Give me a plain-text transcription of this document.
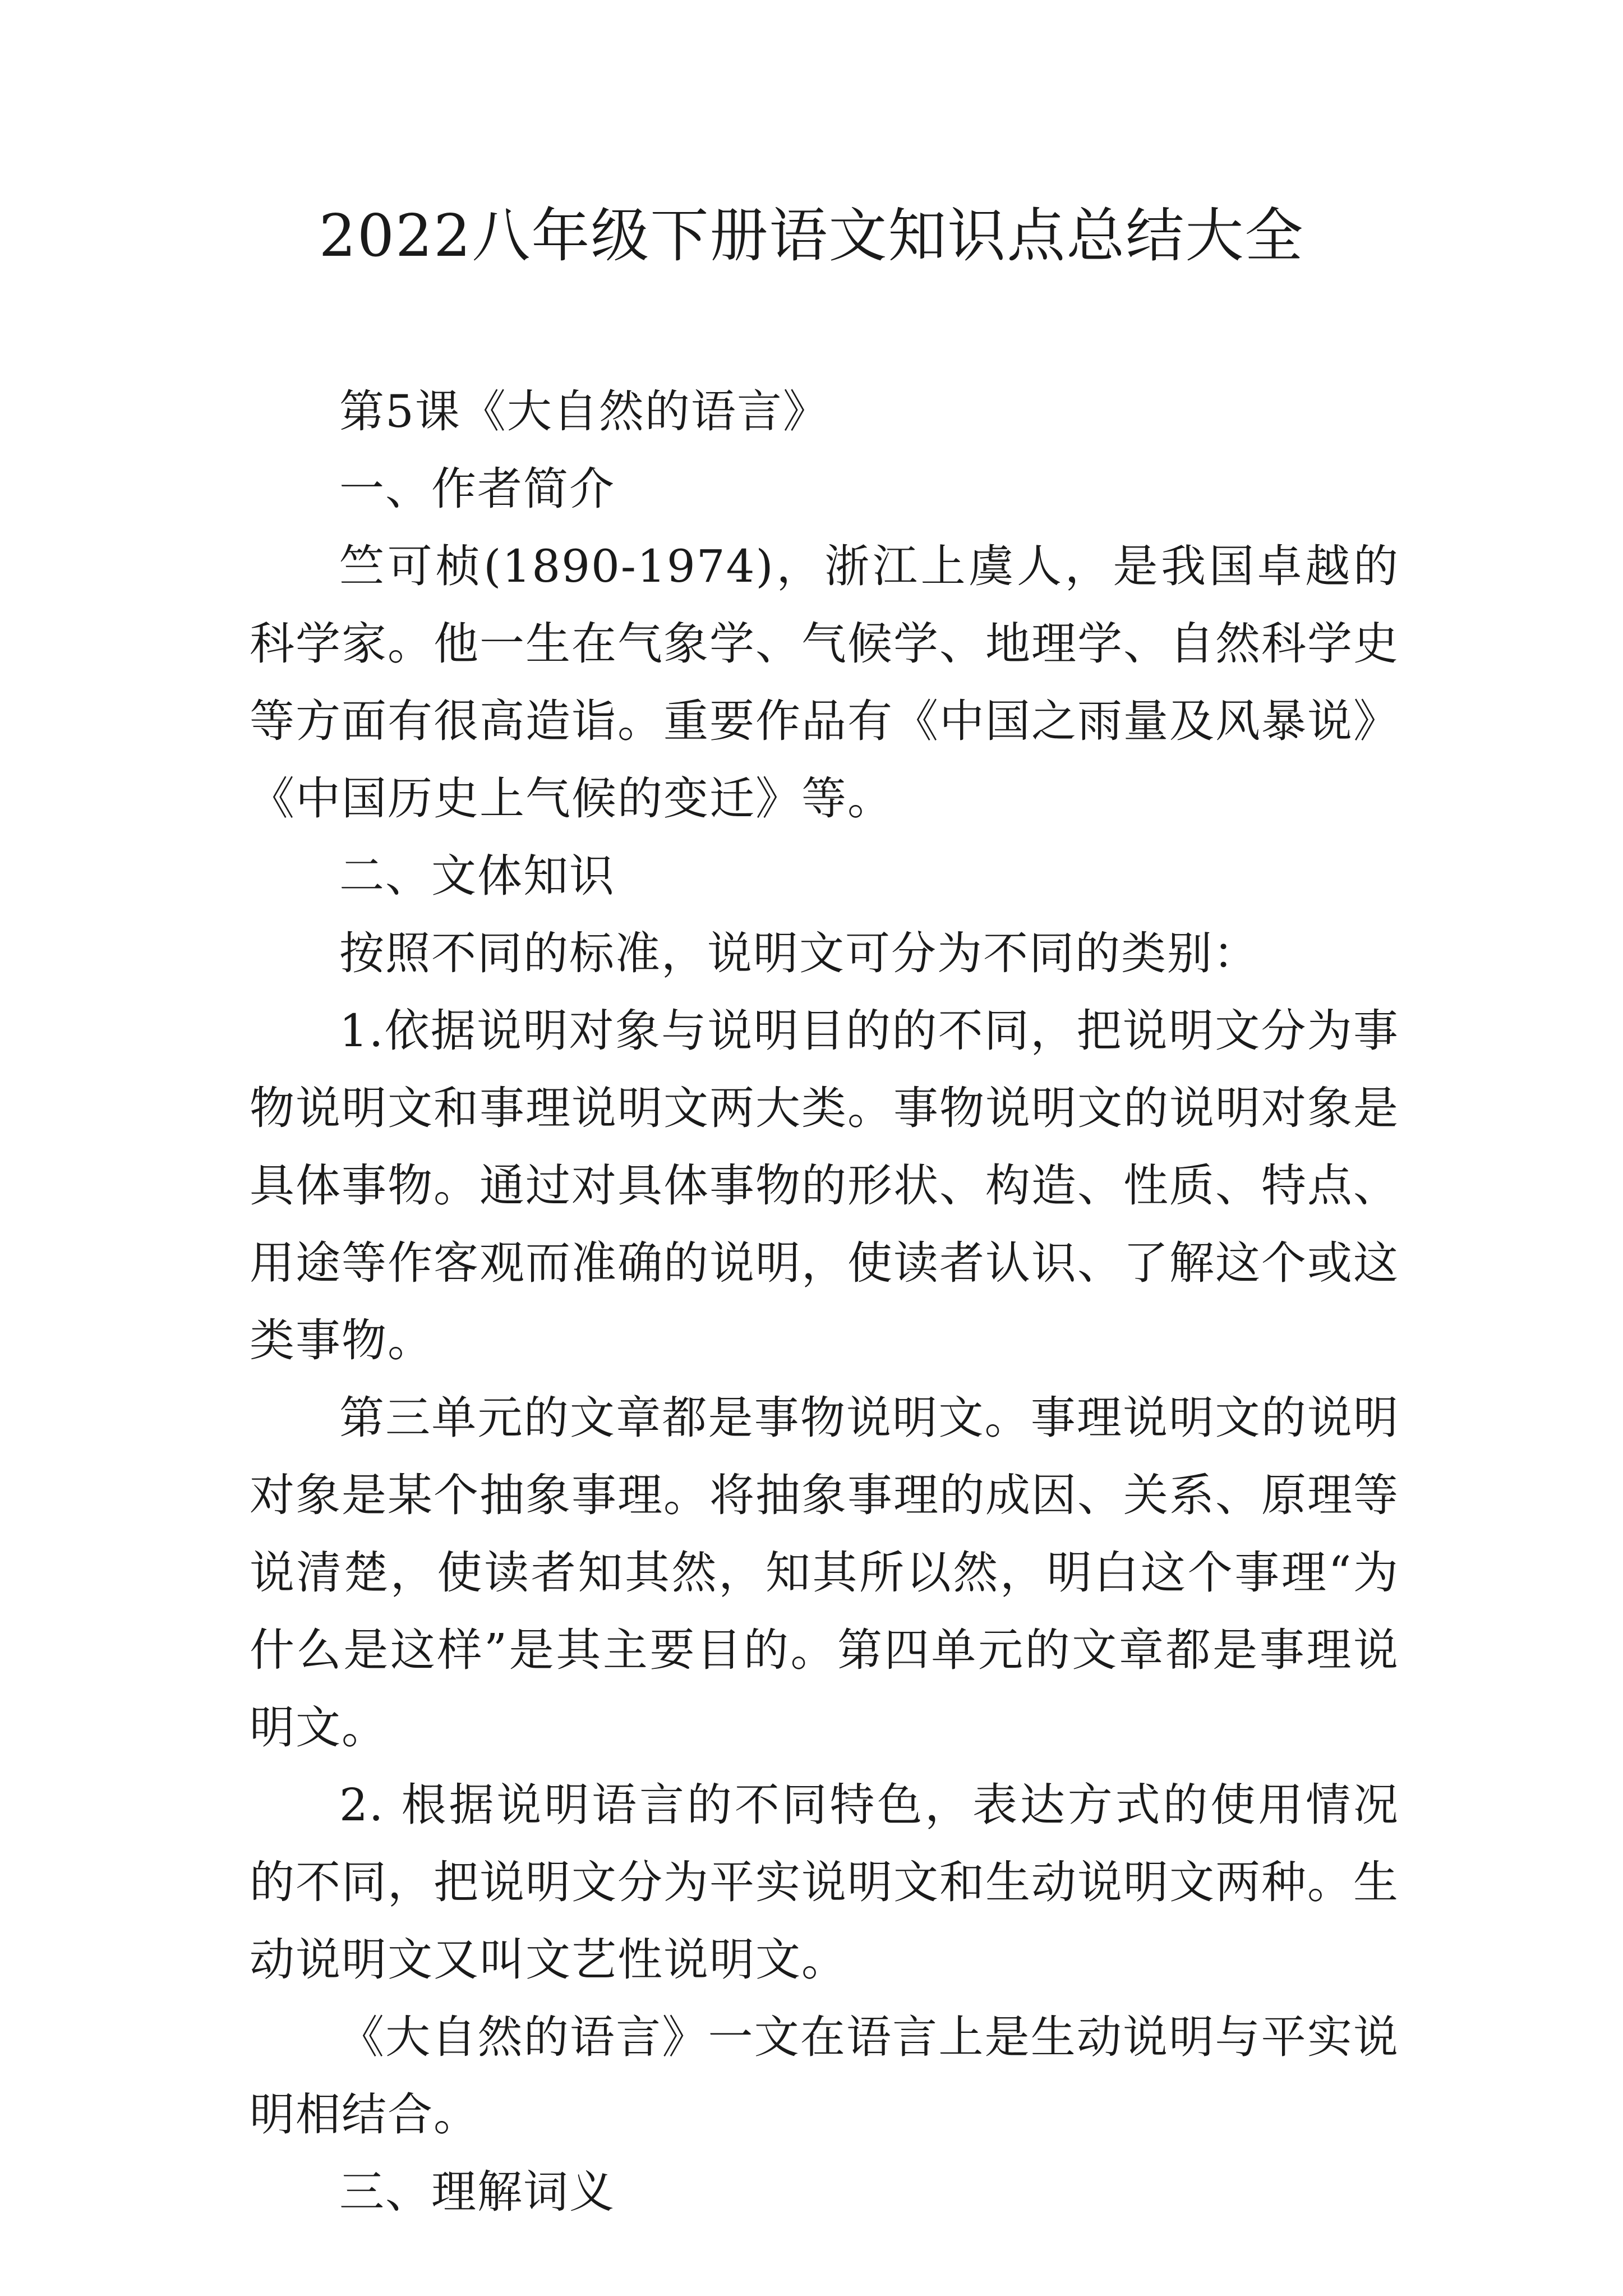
2022八年级下册语文知识点总结大全

第5课《大自然的语言》

一、作者简介

竺可桢(1890-1974)，浙江上虞人，是我国卓越的科学家。他一生在气象学、气候学、地理学、自然科学史等方面有很高造诣。重要作品有《中国之雨量及风暴说》《中国历史上气候的变迁》等。

二、文体知识

按照不同的标准，说明文可分为不同的类别：

1.依据说明对象与说明目的的不同，把说明文分为事物说明文和事理说明文两大类。事物说明文的说明对象是具体事物。通过对具体事物的形状、构造、性质、特点、用途等作客观而准确的说明，使读者认识、了解这个或这类事物。

第三单元的文章都是事物说明文。事理说明文的说明对象是某个抽象事理。将抽象事理的成因、关系、原理等说清楚，使读者知其然，知其所以然，明白这个事理“为什么是这样”是其主要目的。第四单元的文章都是事理说明文。

2. 根据说明语言的不同特色，表达方式的使用情况的不同，把说明文分为平实说明文和生动说明文两种。生动说明文又叫文艺性说明文。

《大自然的语言》一文在语言上是生动说明与平实说明相结合。

三、理解词义
